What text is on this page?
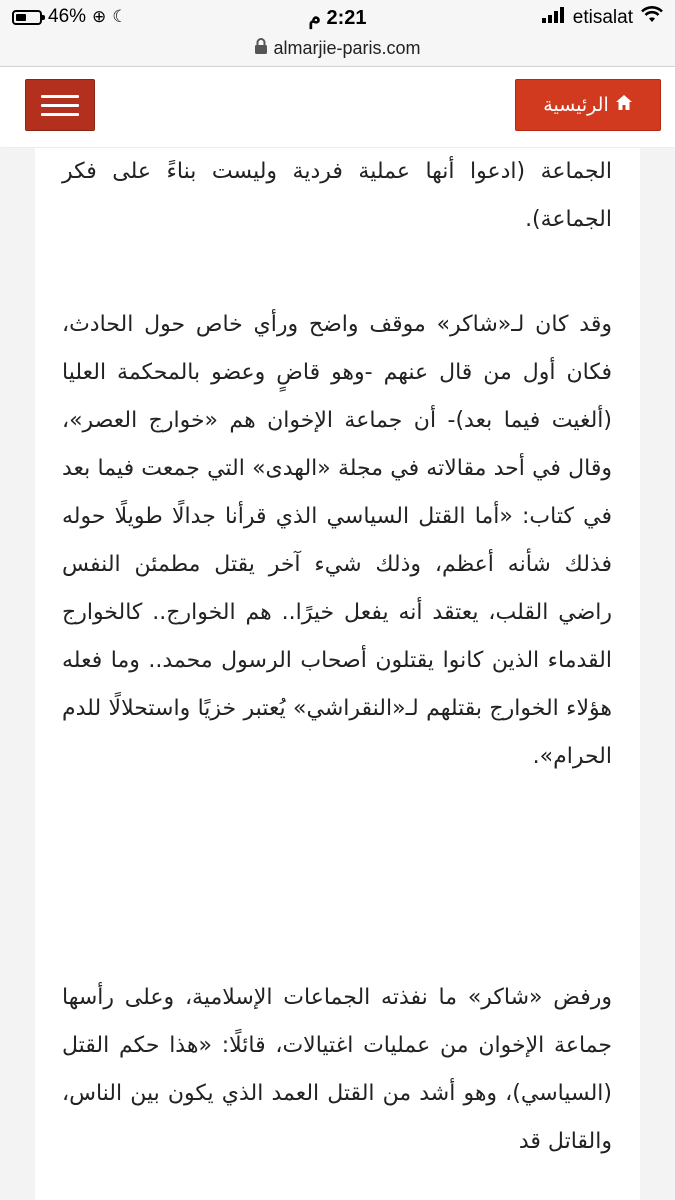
46% ⊕ ☾	2:21 م	etisalat
almarjie-paris.com
الرئيسية

الجماعة (ادعوا أنها عملية فردية وليست بناءً على فكر الجماعة).

وقد كان لـ«شاكر» موقف واضح ورأي خاص حول الحادث، فكان أول من قال عنهم -وهو قاضٍ وعضو بالمحكمة العليا (ألغيت فيما بعد)- أن جماعة الإخوان هم «خوارج العصر»، وقال في أحد مقالاته في مجلة «الهدى» التي جمعت فيما بعد في كتاب: «أما القتل السياسي الذي قرأنا جدالًا طويلًا حوله فذلك شأنه أعظم، وذلك شيء آخر يقتل مطمئن النفس راضي القلب، يعتقد أنه يفعل خيرًا.. هم الخوارج.. كالخوارج القدماء الذين كانوا يقتلون أصحاب الرسول محمد.. وما فعله هؤلاء الخوارج بقتلهم لـ«النقراشي» يُعتبر خزيًا واستحلالًا للدم الحرام».

ورفض «شاكر» ما نفذته الجماعات الإسلامية، وعلى رأسها جماعة الإخوان من عمليات اغتيالات، قائلًا: «هذا حكم القتل (السياسي)، وهو أشد من القتل العمد الذي يكون بين الناس، والقاتل قد
